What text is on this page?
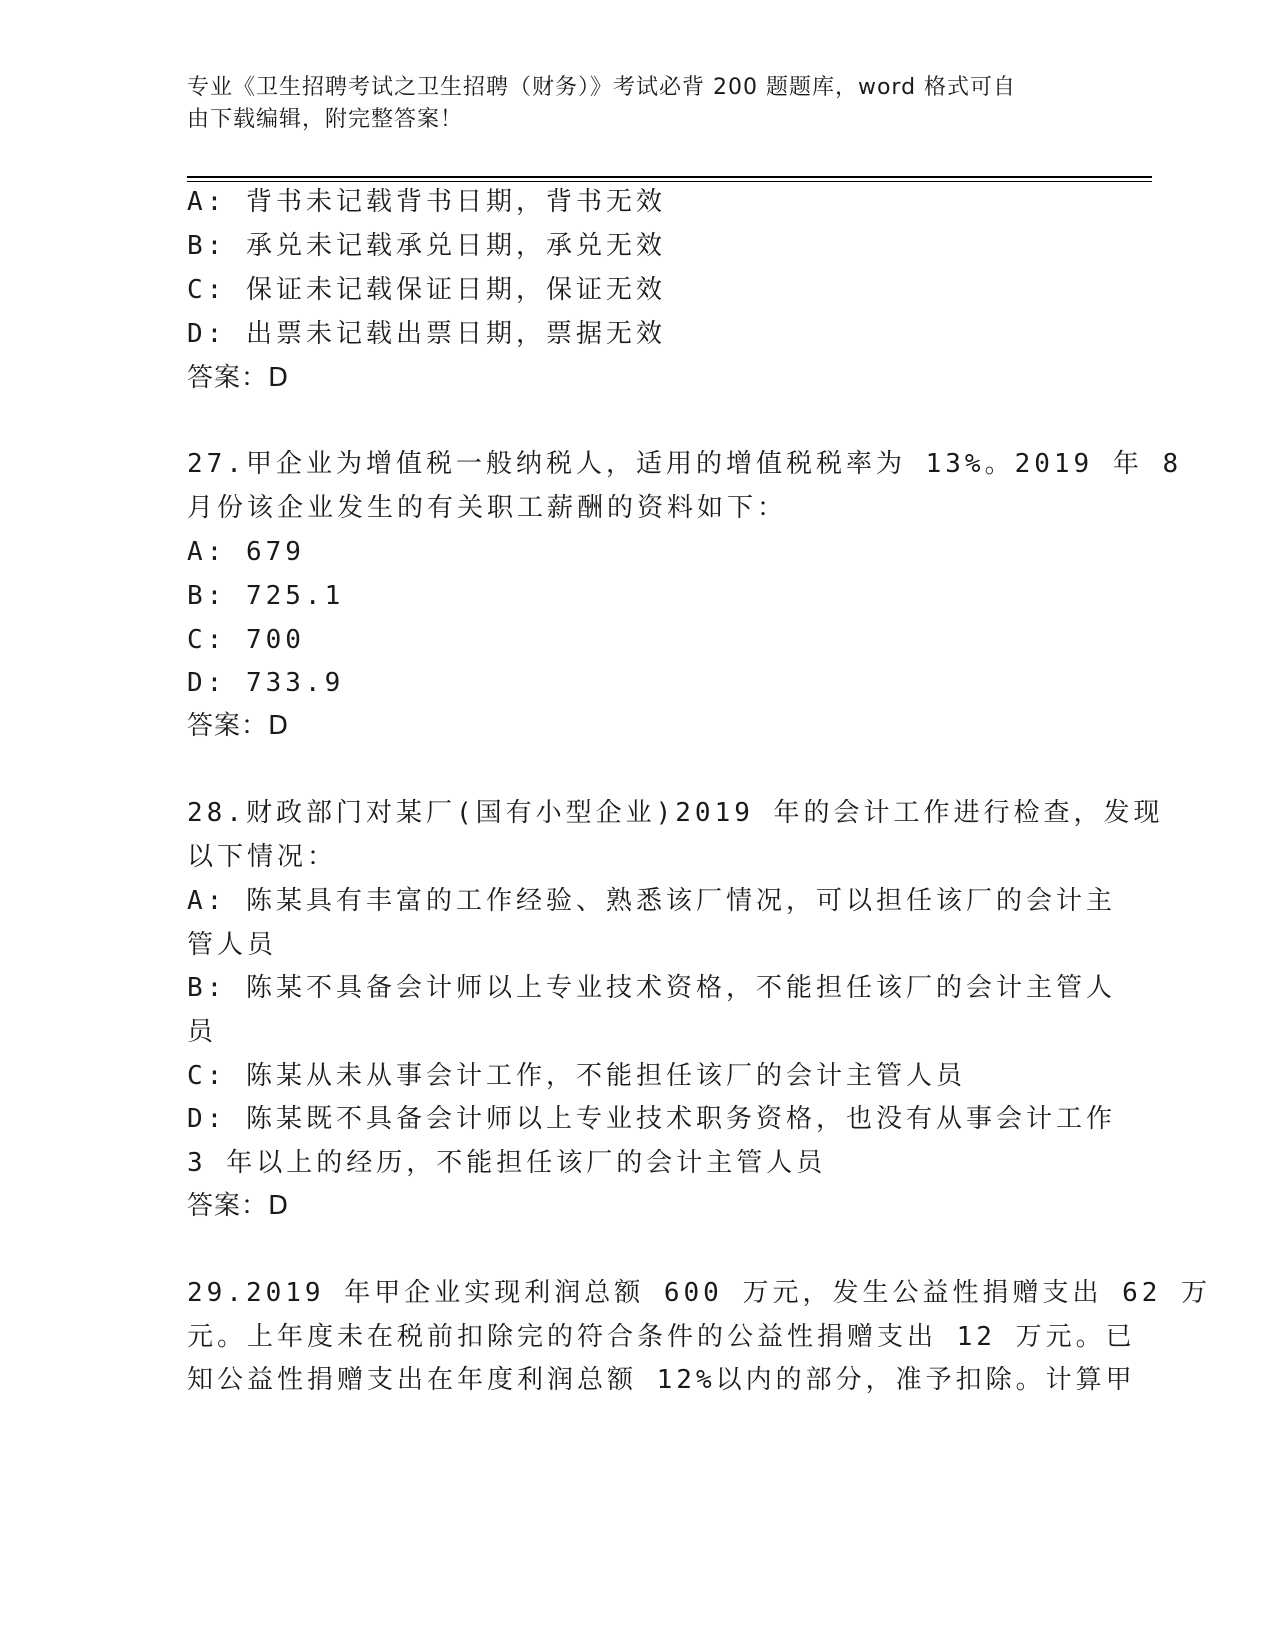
专业《卫生招聘考试之卫生招聘（财务）》考试必背 200 题题库，word 格式可自
由下载编辑，附完整答案！
A: 背书未记载背书日期，背书无效
B: 承兑未记载承兑日期，承兑无效
C: 保证未记载保证日期，保证无效
D: 出票未记载出票日期，票据无效
答案：D
27.甲企业为增值税一般纳税人，适用的增值税税率为 13%。2019 年 8
月份该企业发生的有关职工薪酬的资料如下：
A: 679
B: 725.1
C: 700
D: 733.9
答案：D
28.财政部门对某厂(国有小型企业)2019 年的会计工作进行检查，发现
以下情况：
A: 陈某具有丰富的工作经验、熟悉该厂情况，可以担任该厂的会计主
管人员
B: 陈某不具备会计师以上专业技术资格，不能担任该厂的会计主管人
员
C: 陈某从未从事会计工作，不能担任该厂的会计主管人员
D: 陈某既不具备会计师以上专业技术职务资格，也没有从事会计工作
3 年以上的经历，不能担任该厂的会计主管人员
答案：D
29.2019 年甲企业实现利润总额 600 万元，发生公益性捐赠支出 62 万
元。上年度未在税前扣除完的符合条件的公益性捐赠支出 12 万元。已
知公益性捐赠支出在年度利润总额 12%以内的部分，准予扣除。计算甲
